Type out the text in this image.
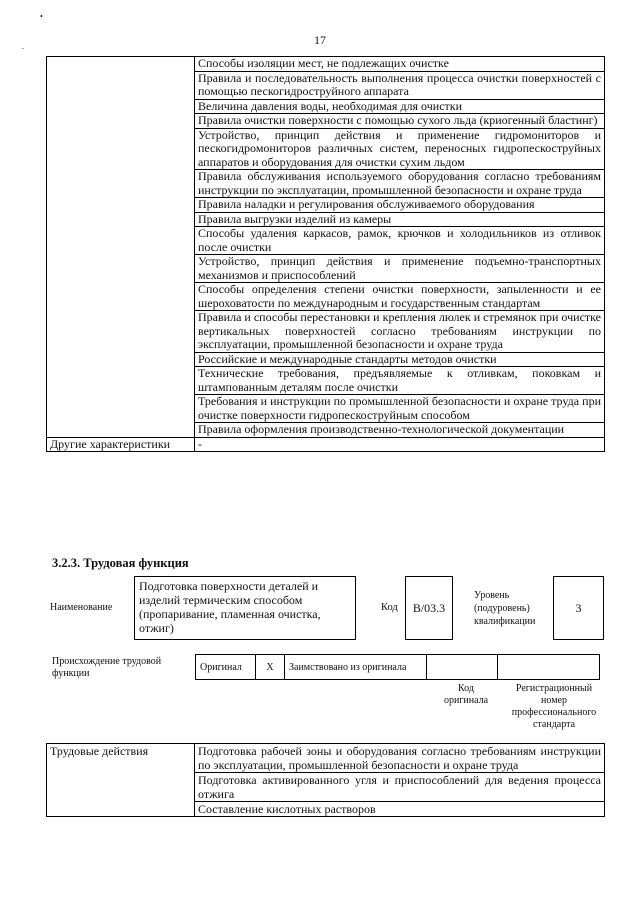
•
.	17
	Способы изоляции мест, не подлежащих очистке
	Правила и последовательность выполнения процесса очистки поверхностей с помощью пескогидроструйного аппарата
	Величина давления воды, необходимая для очистки
	Правила очистки поверхности с помощью сухого льда (криогенный бластинг)
	Устройство, принцип действия и применение гидромониторов и пескогидромониторов различных систем, переносных гидропескоструйных аппаратов и оборудования для очистки сухим льдом
	Правила обслуживания используемого оборудования согласно требованиям инструкции по эксплуатации, промышленной безопасности и охране труда
	Правила наладки и регулирования обслуживаемого оборудования
	Правила выгрузки изделий из камеры
	Способы удаления каркасов, рамок, крючков и холодильников из отливок после очистки
	Устройство, принцип действия и применение подъемно-транспортных механизмов и приспособлений
	Способы определения степени очистки поверхности, запыленности и ее шероховатости по международным и государственным стандартам
	Правила и способы перестановки и крепления люлек и стремянок при очистке вертикальных поверхностей согласно требованиям инструкции по эксплуатации, промышленной безопасности и охране труда
	Российские и международные стандарты методов очистки
	Технические требования, предъявляемые к отливкам, поковкам и штампованным деталям после очистки
	Требования и инструкции по промышленной безопасности и охране труда при очистке поверхности гидропескоструйным способом
	Правила оформления производственно-технологической документации
Другие характеристики	-
3.2.3. Трудовая функция
Наименование
Подготовка поверхности деталей и изделий термическим способом (пропаривание, пламенная очистка, отжиг)
Код	В/03.3
Уровень
(подуровень)
квалификации
3
Происхождение трудовой функции
Оригинал	X	Заимствовано из оригинала		
Код
оригинала
Регистрационный
номер
профессионального
стандарта
Трудовые действия	Подготовка рабочей зоны и оборудования согласно требованиям инструкции по эксплуатации, промышленной безопасности и охране труда
Подготовка активированного угля и приспособлений для ведения процесса отжига
Составление кислотных растворов
